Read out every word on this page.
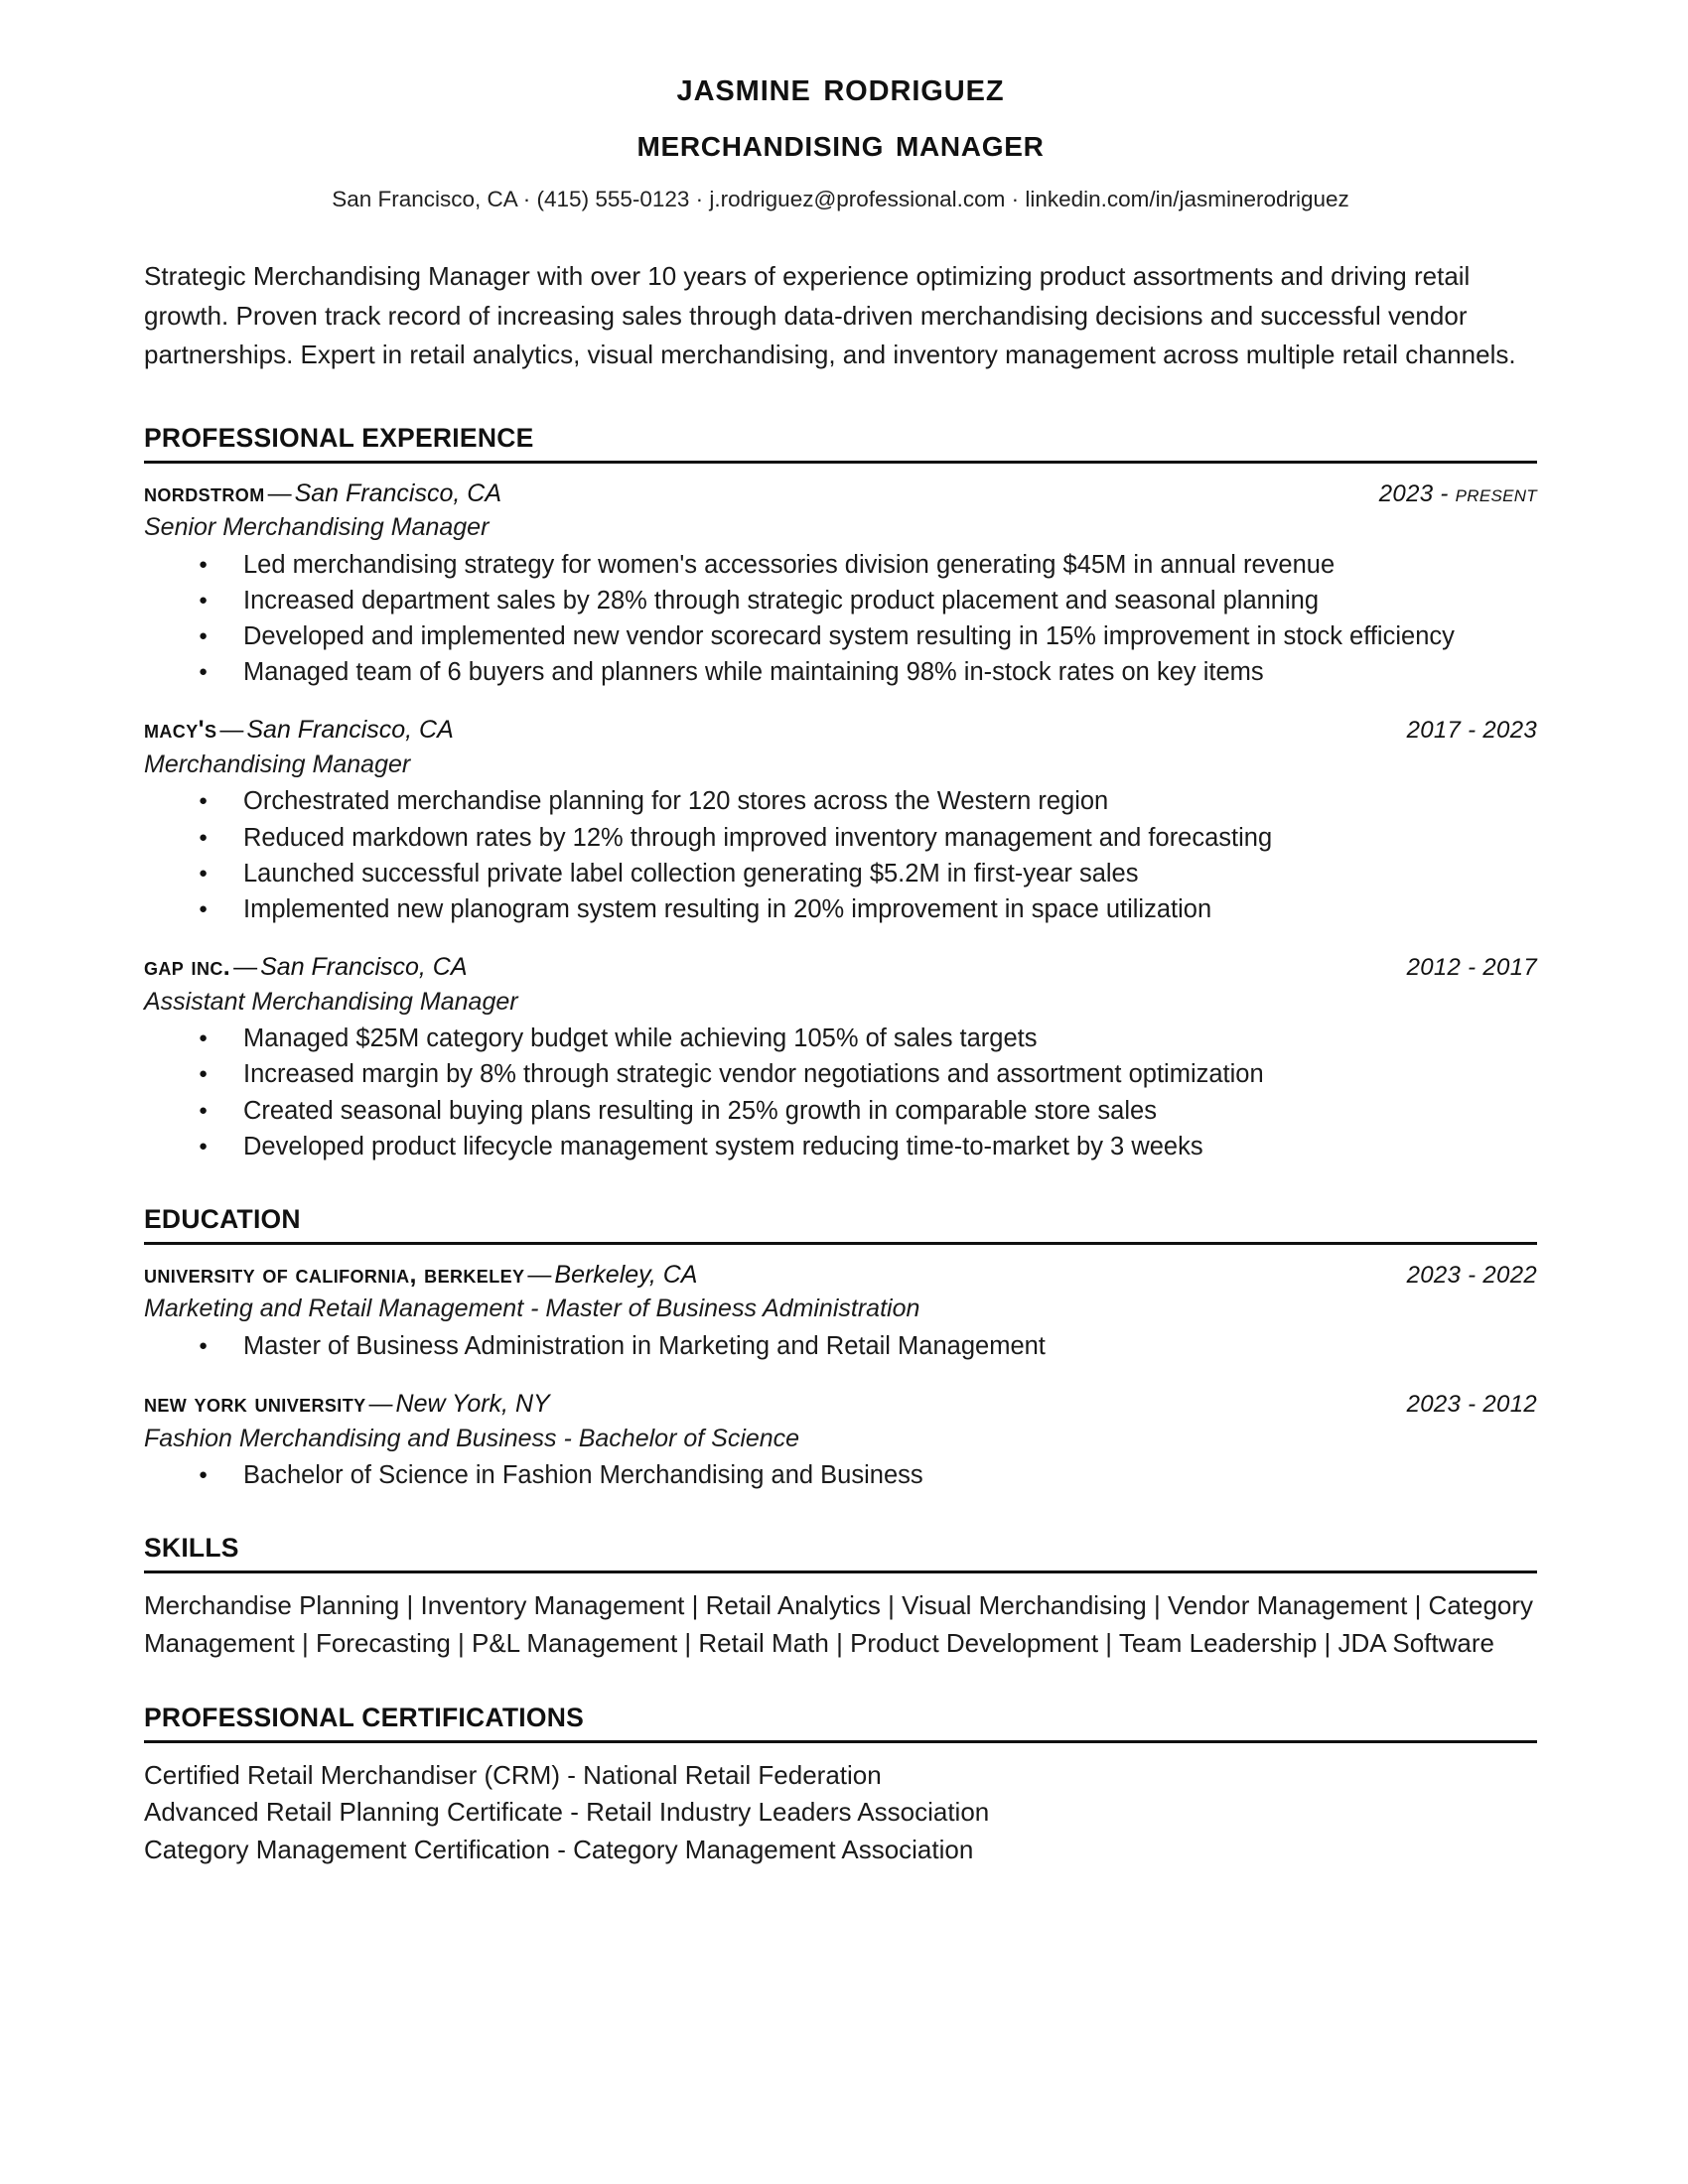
jasmine rodriguez
merchandising manager
San Francisco, CA · (415) 555-0123 · j.rodriguez@professional.com · linkedin.com/in/jasminerodriguez
Strategic Merchandising Manager with over 10 years of experience optimizing product assortments and driving retail growth. Proven track record of increasing sales through data-driven merchandising decisions and successful vendor partnerships. Expert in retail analytics, visual merchandising, and inventory management across multiple retail channels.
PROFESSIONAL EXPERIENCE
nordstrom — San Francisco, CA	2023 - present
Senior Merchandising Manager
● Led merchandising strategy for women's accessories division generating $45M in annual revenue
● Increased department sales by 28% through strategic product placement and seasonal planning
● Developed and implemented new vendor scorecard system resulting in 15% improvement in stock efficiency
● Managed team of 6 buyers and planners while maintaining 98% in-stock rates on key items
macy's — San Francisco, CA	2017 - 2023
Merchandising Manager
● Orchestrated merchandise planning for 120 stores across the Western region
● Reduced markdown rates by 12% through improved inventory management and forecasting
● Launched successful private label collection generating $5.2M in first-year sales
● Implemented new planogram system resulting in 20% improvement in space utilization
gap inc. — San Francisco, CA	2012 - 2017
Assistant Merchandising Manager
● Managed $25M category budget while achieving 105% of sales targets
● Increased margin by 8% through strategic vendor negotiations and assortment optimization
● Created seasonal buying plans resulting in 25% growth in comparable store sales
● Developed product lifecycle management system reducing time-to-market by 3 weeks
EDUCATION
university of california, berkeley — Berkeley, CA	2023 - 2022
Marketing and Retail Management - Master of Business Administration
● Master of Business Administration in Marketing and Retail Management
new york university — New York, NY	2023 - 2012
Fashion Merchandising and Business - Bachelor of Science
● Bachelor of Science in Fashion Merchandising and Business
SKILLS
Merchandise Planning | Inventory Management | Retail Analytics | Visual Merchandising | Vendor Management | Category Management | Forecasting | P&L Management | Retail Math | Product Development | Team Leadership | JDA Software
PROFESSIONAL CERTIFICATIONS
Certified Retail Merchandiser (CRM) - National Retail Federation
Advanced Retail Planning Certificate - Retail Industry Leaders Association
Category Management Certification - Category Management Association
